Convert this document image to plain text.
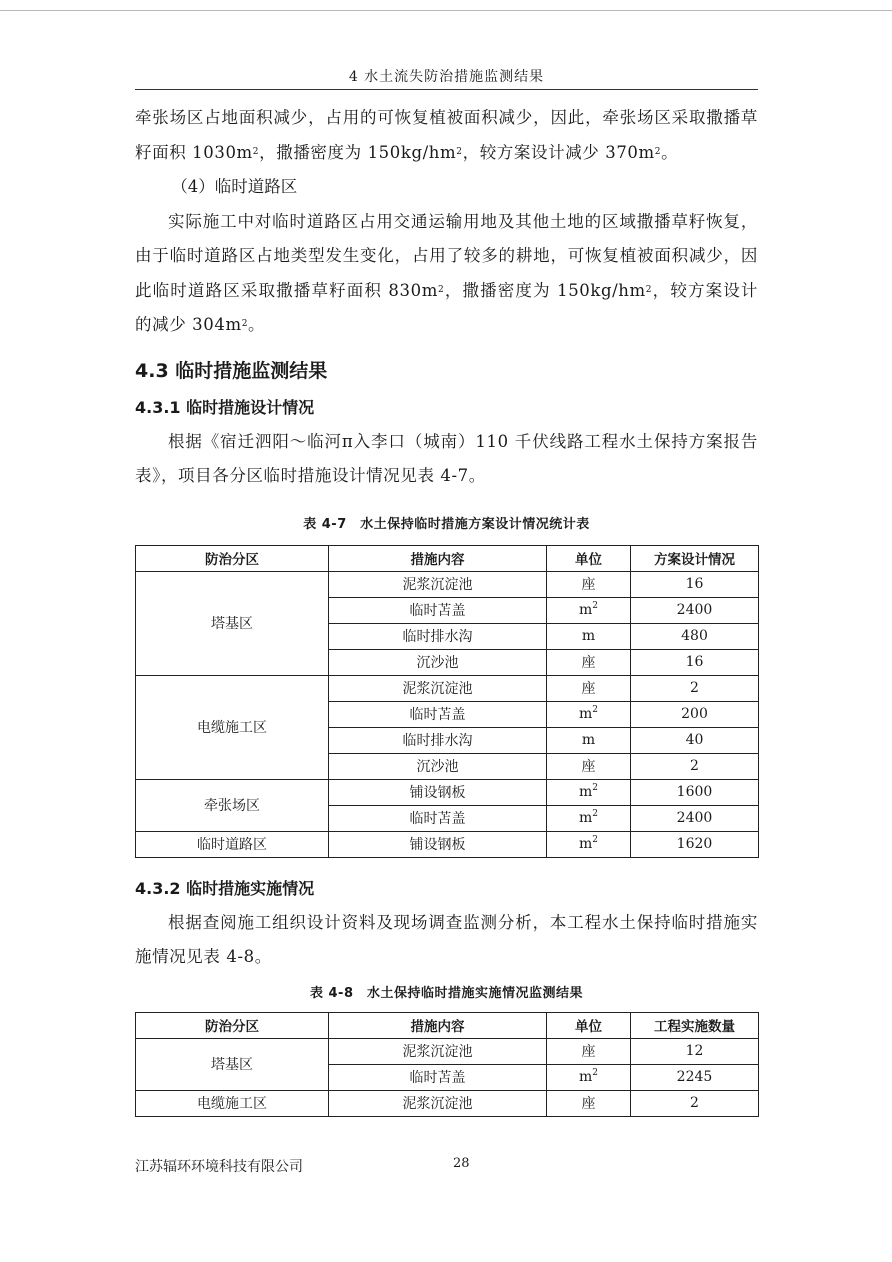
4 水土流失防治措施监测结果

牵张场区占地面积减少，占用的可恢复植被面积减少，因此，牵张场区采取撒播草籽面积 $1030m^2$，撒播密度为 $150kg/hm^2$，较方案设计减少 $370m^2$。

（4）临时道路区

实际施工中对临时道路区占用交通运输用地及其他土地的区域撒播草籽恢复，由于临时道路区占地类型发生变化，占用了较多的耕地，可恢复植被面积减少，因此临时道路区采取撒播草籽面积 $830m^2$，撒播密度为 $150kg/hm^2$，较方案设计的减少 $304m^2$。

4.3 临时措施监测结果
4.3.1 临时措施设计情况

根据《宿迁泗阳～临河π入李口（城南）110 千伏线路工程水土保持方案报告表》，项目各分区临时措施设计情况见表 4-7。

表 4-7　水土保持临时措施方案设计情况统计表
防治分区	措施内容	单位	方案设计情况
塔基区	泥浆沉淀池	座	16
	临时苫盖	$m^2$	2400
	临时排水沟	m	480
	沉沙池	座	16
电缆施工区	泥浆沉淀池	座	2
	临时苫盖	$m^2$	200
	临时排水沟	m	40
	沉沙池	座	2
牵张场区	铺设钢板	$m^2$	1600
	临时苫盖	$m^2$	2400
临时道路区	铺设钢板	$m^2$	1620
4.3.2 临时措施实施情况

根据查阅施工组织设计资料及现场调查监测分析，本工程水土保持临时措施实施情况见表 4-8。

表 4-8　水土保持临时措施实施情况监测结果
防治分区	措施内容	单位	工程实施数量
塔基区	泥浆沉淀池	座	12
	临时苫盖	$m^2$	2245
电缆施工区	泥浆沉淀池	座	2
江苏辐环环境科技有限公司	28
